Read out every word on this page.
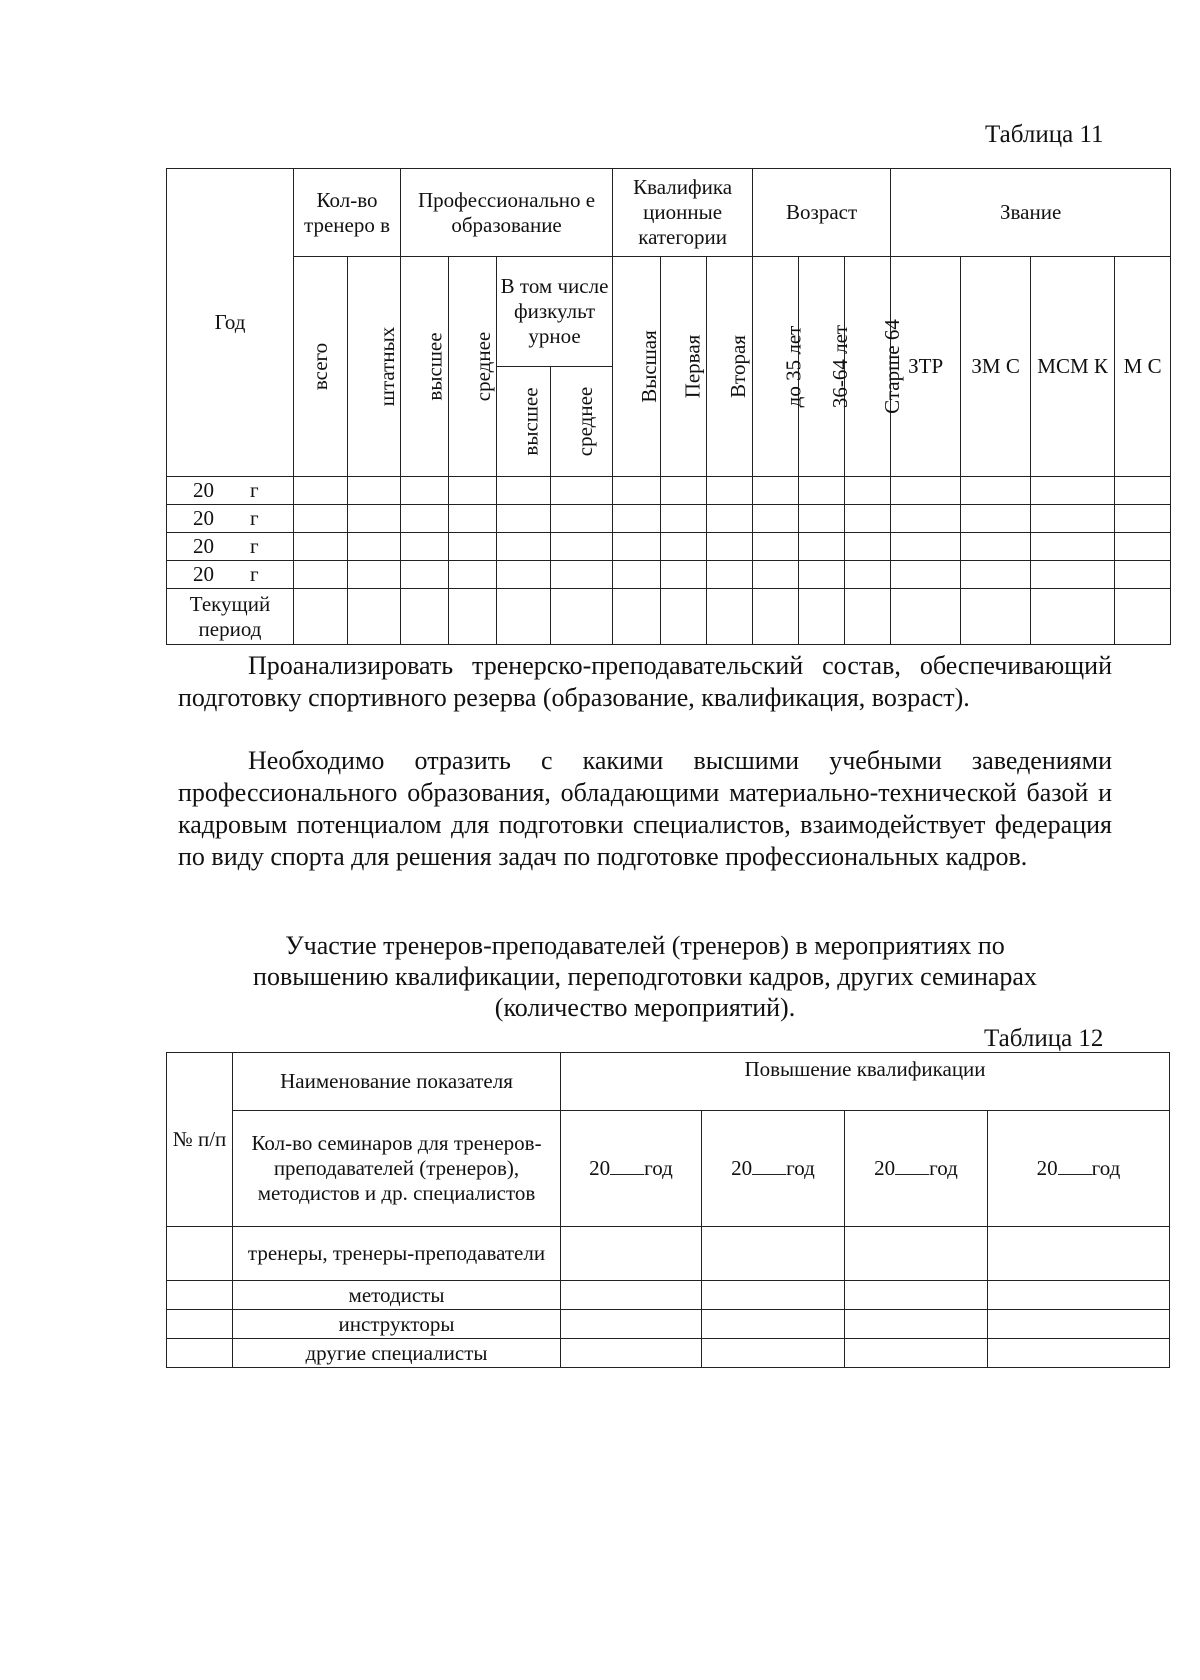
Таблица 11
Год	Кол-во тренеро в		Профессионально е образование				Квалифика ционные категории			Возраст			Звание			
	всего	штатных	высшее	среднее	В том числе физкульт урное		Высшая	Первая	Вторая	до 35 лет	36-64 лет	Старше 64	ЗТР	ЗМ С	МСМ К	М С
					высшее	среднее										
20 г																
20 г																
20 г																
20 г																
Текущий период																
Проанализировать тренерско-преподавательский состав, обеспечивающий подготовку спортивного резерва (образование, квалификация, возраст).
Необходимо отразить с какими высшими учебными заведениями профессионального образования, обладающими материально-технической базой и кадровым потенциалом для подготовки специалистов, взаимодействует федерация по виду спорта для решения задач по подготовке профессиональных кадров.
Участие тренеров-преподавателей (тренеров) в мероприятиях по
повышению квалификации, переподготовки кадров, других семинарах
(количество мероприятий).
Таблица 12
№ п/п	Наименование показателя	Повышение квалификации			
	Кол-во семинаров для тренеров-преподавателей (тренеров), методистов и др. специалистов	20 год	20 год	20 год	20 год
	тренеры, тренеры-преподаватели				
	методисты				
	инструкторы				
	другие специалисты				
